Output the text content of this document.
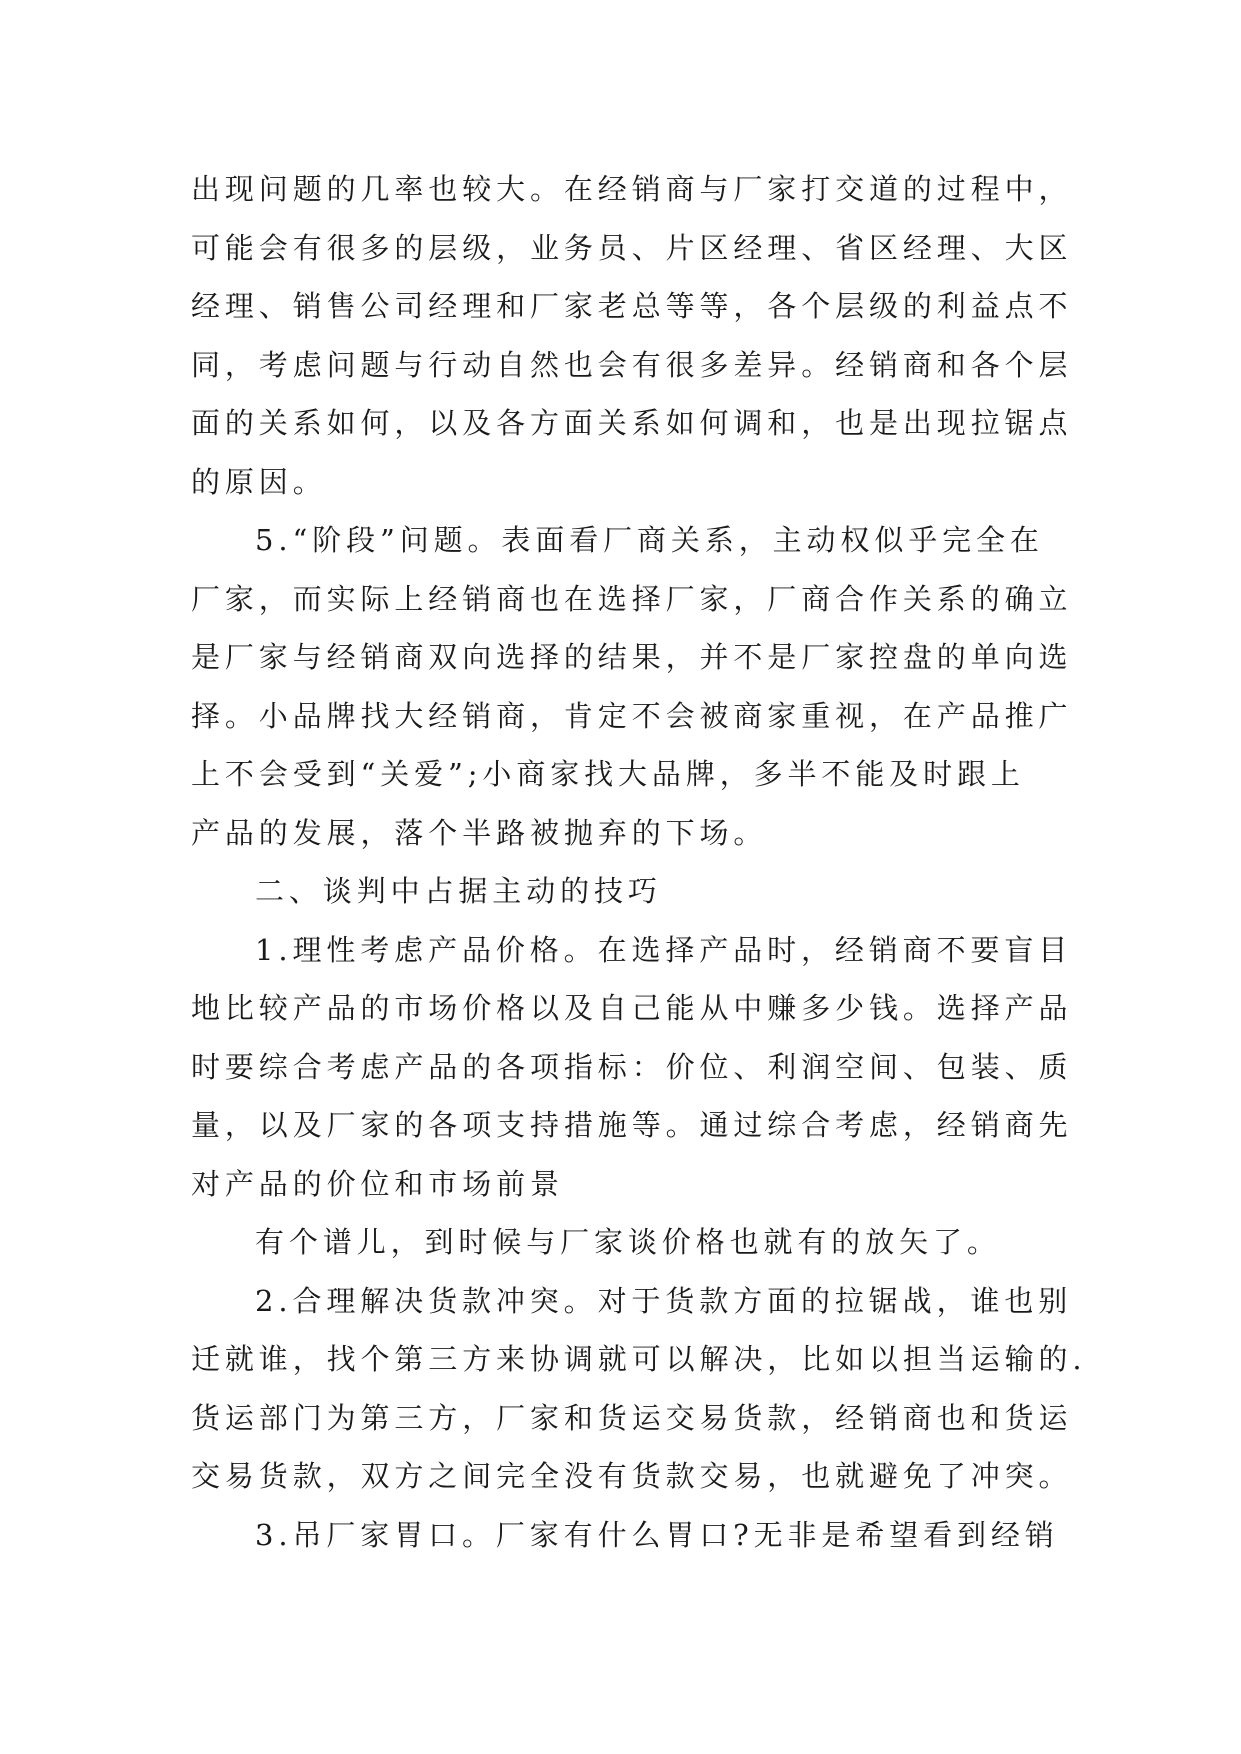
出现问题的几率也较大。在经销商与厂家打交道的过程中，
可能会有很多的层级，业务员、片区经理、省区经理、大区
经理、销售公司经理和厂家老总等等，各个层级的利益点不
同，考虑问题与行动自然也会有很多差异。经销商和各个层
面的关系如何，以及各方面关系如何调和，也是出现拉锯点
的原因。
5.“阶段”问题。表面看厂商关系，主动权似乎完全在
厂家，而实际上经销商也在选择厂家，厂商合作关系的确立
是厂家与经销商双向选择的结果，并不是厂家控盘的单向选
择。小品牌找大经销商，肯定不会被商家重视，在产品推广
上不会受到“关爱”;小商家找大品牌，多半不能及时跟上
产品的发展，落个半路被抛弃的下场。
二、谈判中占据主动的技巧
1.理性考虑产品价格。在选择产品时，经销商不要盲目
地比较产品的市场价格以及自己能从中赚多少钱。选择产品
时要综合考虑产品的各项指标：价位、利润空间、包装、质
量，以及厂家的各项支持措施等。通过综合考虑，经销商先
对产品的价位和市场前景
有个谱儿，到时候与厂家谈价格也就有的放矢了。
2.合理解决货款冲突。对于货款方面的拉锯战，谁也别
迁就谁，找个第三方来协调就可以解决，比如以担当运输的.
货运部门为第三方，厂家和货运交易货款，经销商也和货运
交易货款，双方之间完全没有货款交易，也就避免了冲突。
3.吊厂家胃口。厂家有什么胃口?无非是希望看到经销
